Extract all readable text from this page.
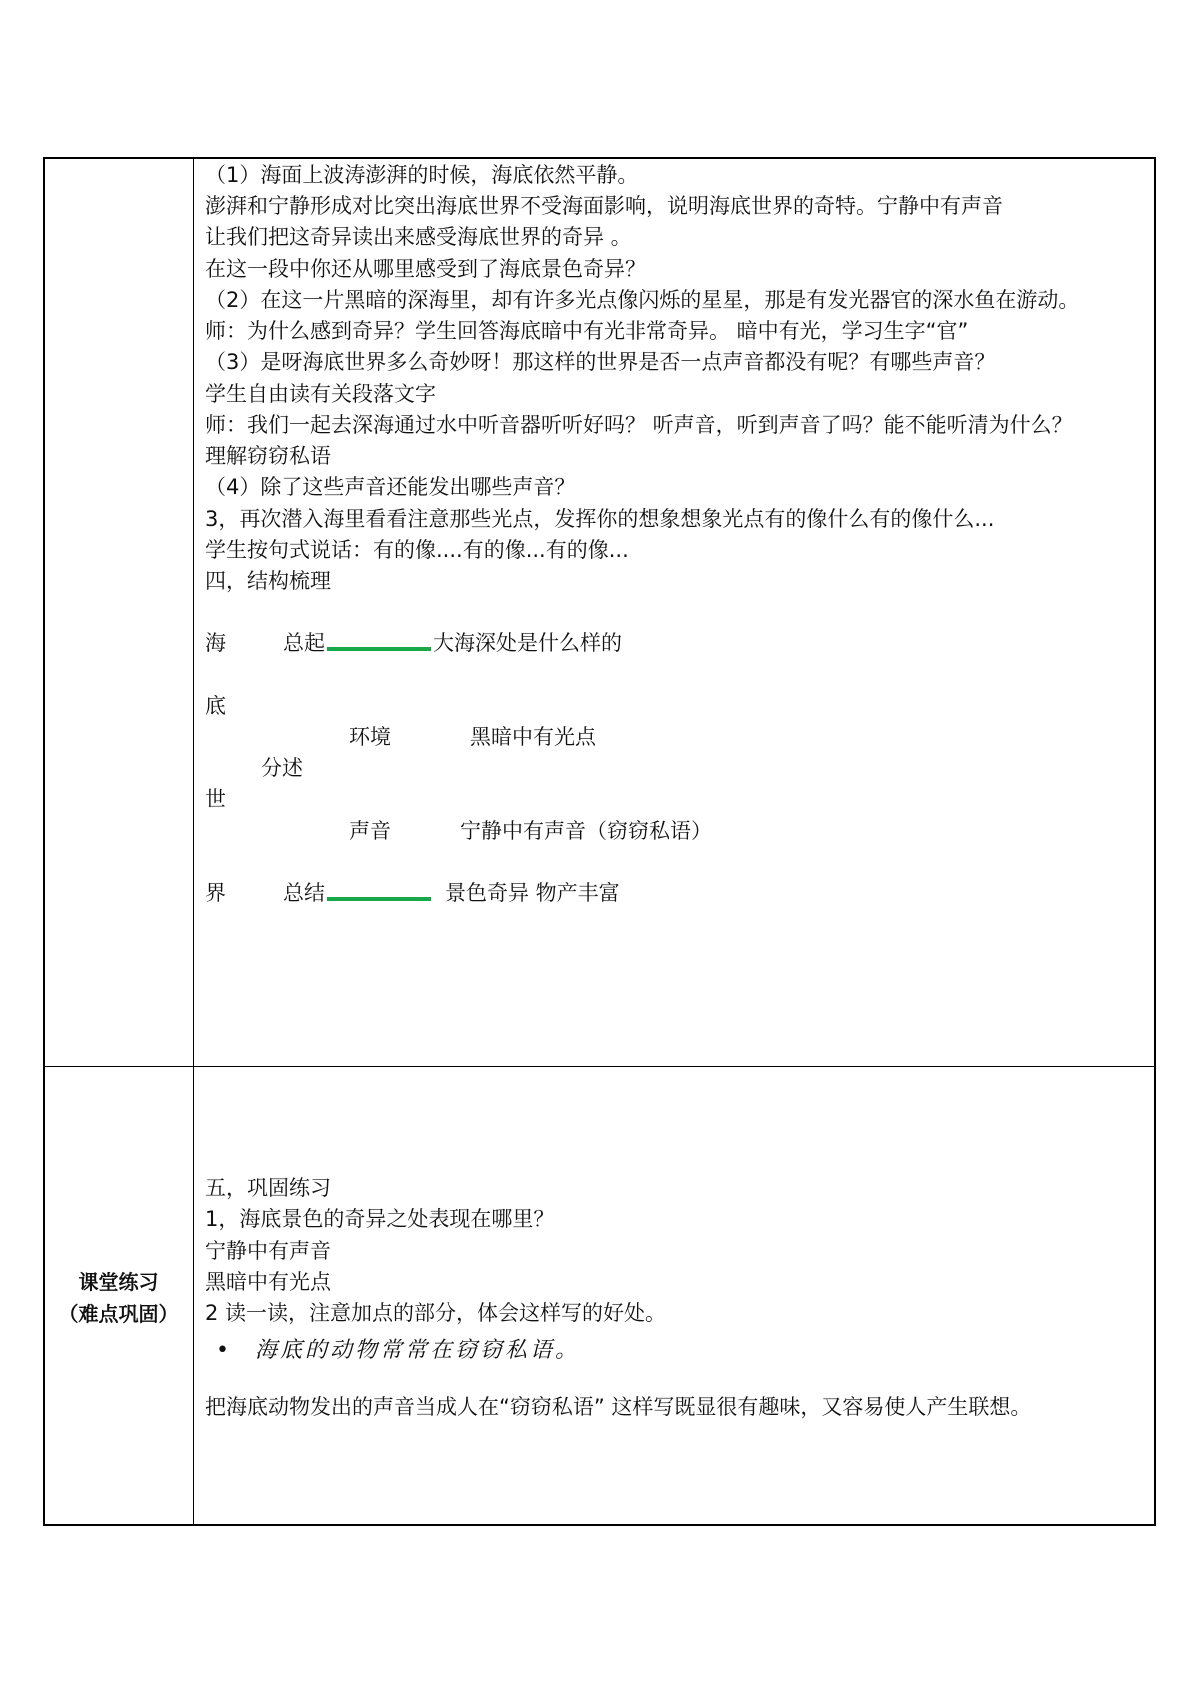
（1）海面上波涛澎湃的时候，海底依然平静。
澎湃和宁静形成对比突出海底世界不受海面影响，说明海底世界的奇特。宁静中有声音
让我们把这奇异读出来感受海底世界的奇异 。
在这一段中你还从哪里感受到了海底景色奇异？
（2）在这一片黑暗的深海里，却有许多光点像闪烁的星星，那是有发光器官的深水鱼在游动。
师：为什么感到奇异？学生回答海底暗中有光非常奇异。 暗中有光，学习生字“官”
（3）是呀海底世界多么奇妙呀！那这样的世界是否一点声音都没有呢？有哪些声音？
学生自由读有关段落文字
师：我们一起去深海通过水中听音器听听好吗？ 听声音，听到声音了吗？能不能听清为什么？
理解窃窃私语
（4）除了这些声音还能发出哪些声音？
3，再次潜入海里看看注意那些光点，发挥你的想象想象光点有的像什么有的像什么...
学生按句式说话：有的像....有的像...有的像...
四，结构梳理
海	总起	大海深处是什么样的
底
环境	黑暗中有光点
分述
世
声音	宁静中有声音（窃窃私语）
界	总结	景色奇异 物产丰富
课堂练习
（难点巩固）
五，巩固练习
1，海底景色的奇异之处表现在哪里？
宁静中有声音
黑暗中有光点
2 读一读，注意加点的部分，体会这样写的好处。
• 海底的动物常常在窃窃私语。
把海底动物发出的声音当成人在“窃窃私语” 这样写既显很有趣味，又容易使人产生联想。
